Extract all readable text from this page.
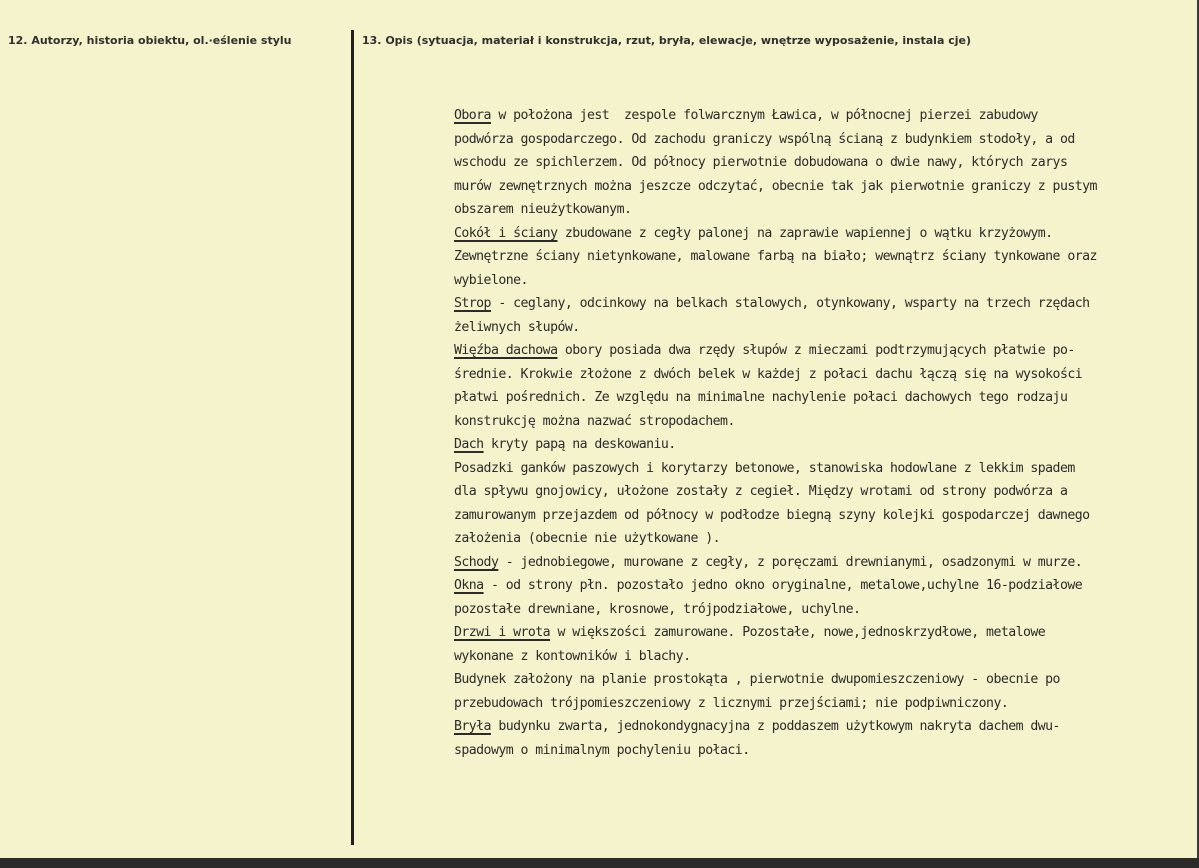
12. Autorzy, historia obiektu, ol.·eślenie stylu	13. Opis (sytuacja, materiał i konstrukcja, rzut, bryła, elewacje, wnętrze wyposażenie, instala cje)
Obora w położona jest  zespole folwarcznym Ławica, w północnej pierzei zabudowy
podwórza gospodarczego. Od zachodu graniczy wspólną ścianą z budynkiem stodoły, a od
wschodu ze spichlerzem. Od północy pierwotnie dobudowana o dwie nawy, których zarys
murów zewnętrznych można jeszcze odczytać, obecnie tak jak pierwotnie graniczy z pustym
obszarem nieużytkowanym.
Cokół i ściany zbudowane z cegły palonej na zaprawie wapiennej o wątku krzyżowym.
Zewnętrzne ściany nietynkowane, malowane farbą na biało; wewnątrz ściany tynkowane oraz
wybielone.
Strop - ceglany, odcinkowy na belkach stalowych, otynkowany, wsparty na trzech rzędach
żeliwnych słupów.
Więźba dachowa obory posiada dwa rzędy słupów z mieczami podtrzymujących płatwie po-
średnie. Krokwie złożone z dwóch belek w każdej z połaci dachu łączą się na wysokości
płatwi pośrednich. Ze względu na minimalne nachylenie połaci dachowych tego rodzaju
konstrukcję można nazwać stropodachem.
Dach kryty papą na deskowaniu.
Posadzki ganków paszowych i korytarzy betonowe, stanowiska hodowlane z lekkim spadem
dla spływu gnojowicy, ułożone zostały z cegieł. Między wrotami od strony podwórza a
zamurowanym przejazdem od północy w podłodze biegną szyny kolejki gospodarczej dawnego
założenia (obecnie nie użytkowane ).
Schody - jednobiegowe, murowane z cegły, z poręczami drewnianymi, osadzonymi w murze.
Okna - od strony płn. pozostało jedno okno oryginalne, metalowe,uchylne 16-podziałowe
pozostałe drewniane, krosnowe, trójpodziałowe, uchylne.
Drzwi i wrota w większości zamurowane. Pozostałe, nowe,jednoskrzydłowe, metalowe
wykonane z kontowników i blachy.
Budynek założony na planie prostokąta , pierwotnie dwupomieszczeniowy - obecnie po
przebudowach trójpomieszczeniowy z licznymi przejściami; nie podpiwniczony.
Bryła budynku zwarta, jednokondygnacyjna z poddaszem użytkowym nakryta dachem dwu-
spadowym o minimalnym pochyleniu połaci.
